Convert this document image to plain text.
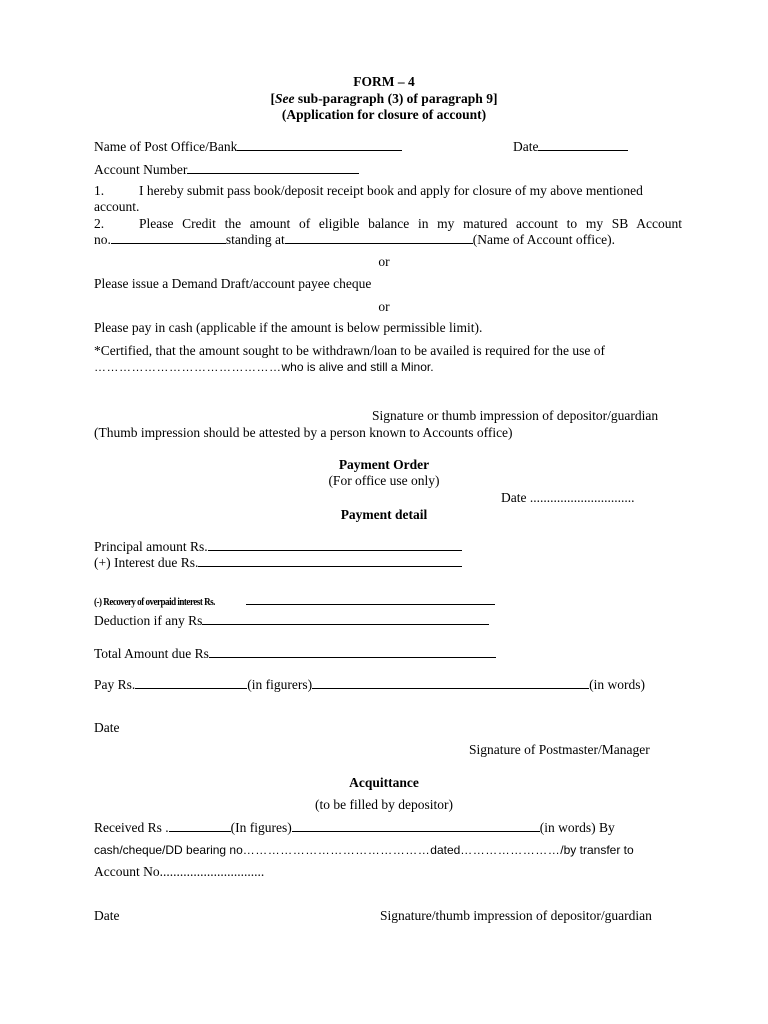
FORM – 4
[See sub-paragraph (3) of paragraph 9]
(Application for closure of account)
Name of Post Office/Bank	Date
Account Number
1.	I hereby submit pass book/deposit receipt book and apply for closure of my above mentioned
account.
2.	Please Credit the amount of eligible balance in my matured account to my SB Account
no.	standing at	(Name of Account office).
or
Please issue a Demand Draft/account payee cheque
or
Please pay in cash (applicable if the amount is below permissible limit).
*Certified, that the amount sought to be withdrawn/loan to be availed is required for the use of
………………………………………who is alive and still a Minor.
Signature or thumb impression of depositor/guardian
(Thumb impression should be attested by a person known to Accounts office)
Payment Order
(For office use only)
Date ...............................
Payment detail
Principal amount Rs.
(+) Interest due Rs.
(-) Recovery of overpaid interest Rs.
Deduction if any Rs
Total Amount due Rs
Pay Rs.	(in figurers)	(in words)
Date
Signature of Postmaster/Manager
Acquittance
(to be filled by depositor)
Received Rs .	(In figures)	(in words) By
cash/cheque/DD bearing no………………………………………dated……………………/by transfer to
Account No...............................
Date	Signature/thumb impression of depositor/guardian
